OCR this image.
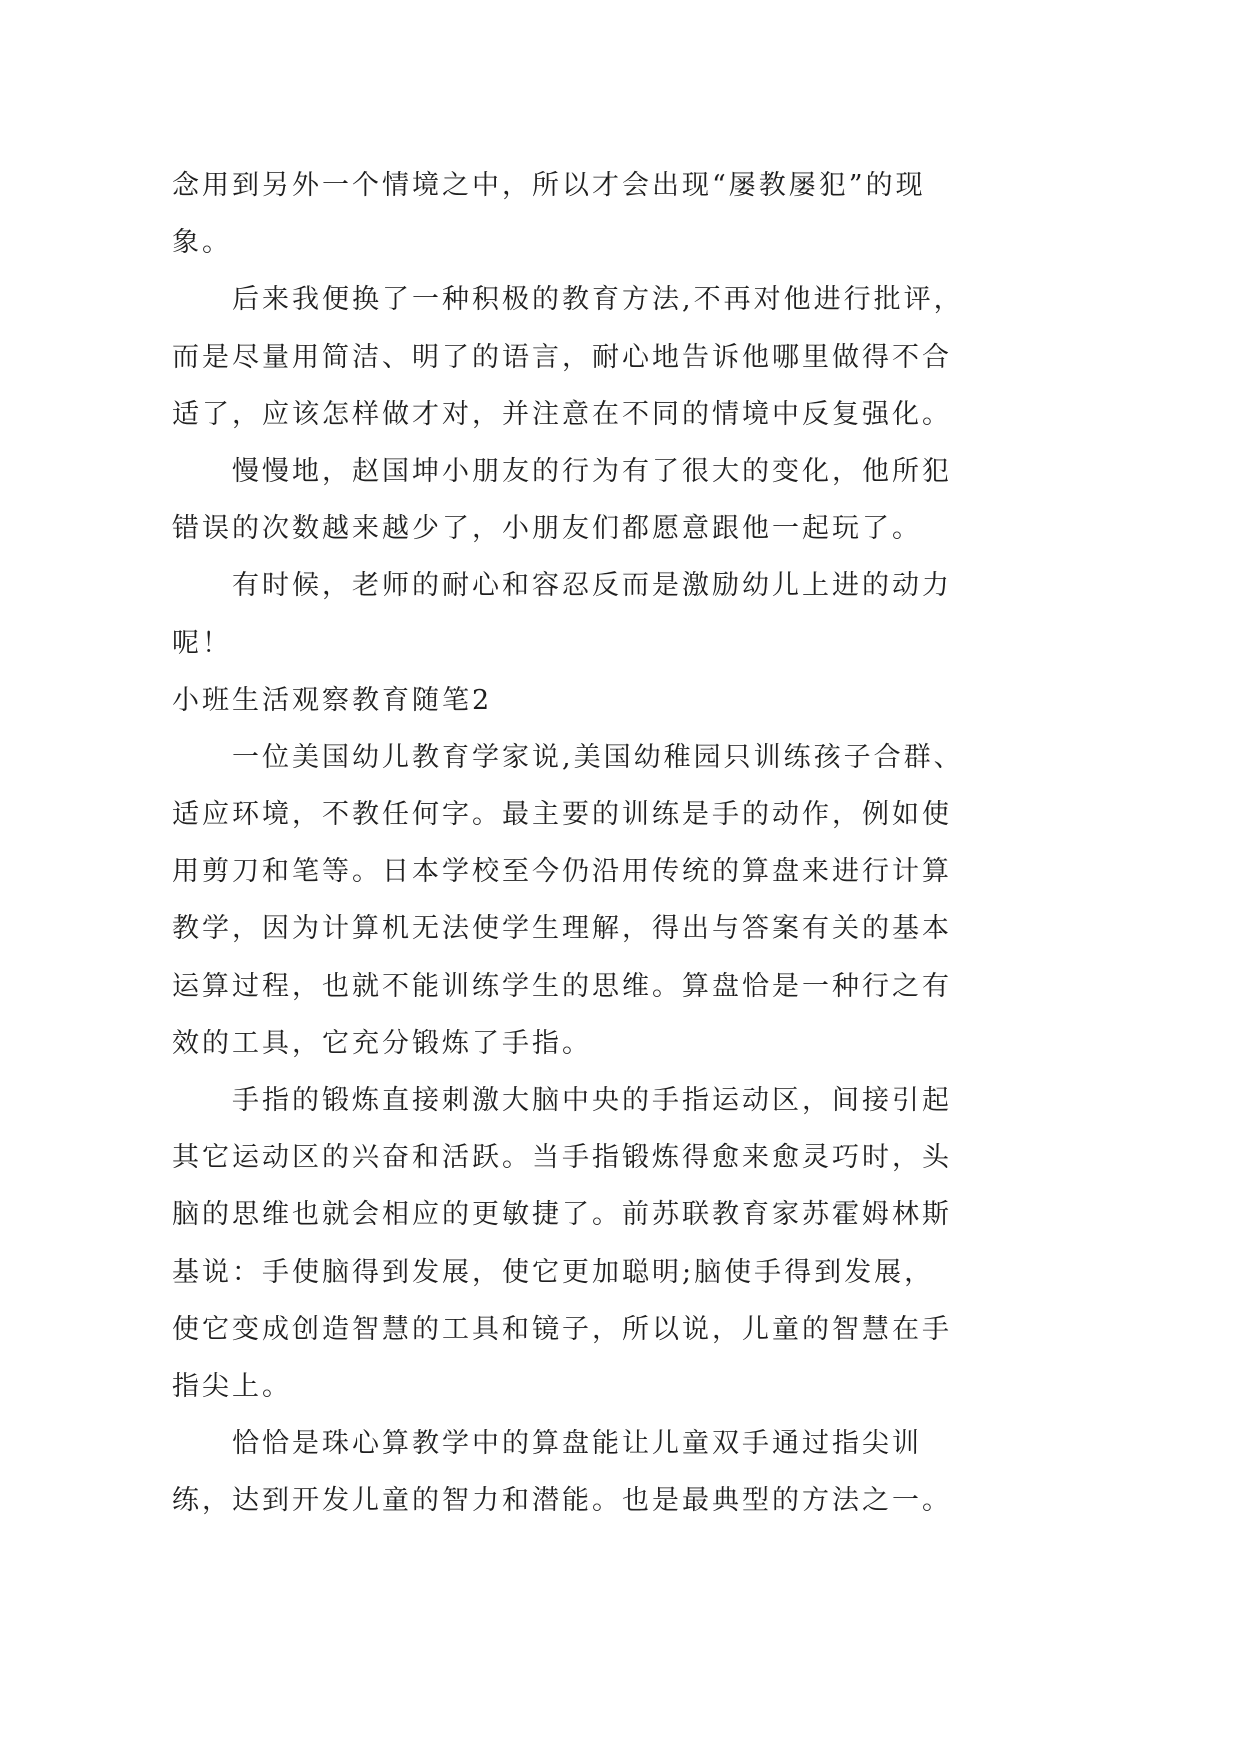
念用到另外一个情境之中，所以才会出现“屡教屡犯”的现
象。
后来我便换了一种积极的教育方法,不再对他进行批评，
而是尽量用简洁、明了的语言，耐心地告诉他哪里做得不合
适了，应该怎样做才对，并注意在不同的情境中反复强化。
慢慢地，赵国坤小朋友的行为有了很大的变化，他所犯
错误的次数越来越少了，小朋友们都愿意跟他一起玩了。
有时候，老师的耐心和容忍反而是激励幼儿上进的动力
呢！
小班生活观察教育随笔2
一位美国幼儿教育学家说,美国幼稚园只训练孩子合群、
适应环境，不教任何字。最主要的训练是手的动作，例如使
用剪刀和笔等。日本学校至今仍沿用传统的算盘来进行计算
教学，因为计算机无法使学生理解，得出与答案有关的基本
运算过程，也就不能训练学生的思维。算盘恰是一种行之有
效的工具，它充分锻炼了手指。
手指的锻炼直接刺激大脑中央的手指运动区，间接引起
其它运动区的兴奋和活跃。当手指锻炼得愈来愈灵巧时，头
脑的思维也就会相应的更敏捷了。前苏联教育家苏霍姆林斯
基说：手使脑得到发展，使它更加聪明;脑使手得到发展，
使它变成创造智慧的工具和镜子，所以说，儿童的智慧在手
指尖上。
恰恰是珠心算教学中的算盘能让儿童双手通过指尖训
练，达到开发儿童的智力和潜能。也是最典型的方法之一。
